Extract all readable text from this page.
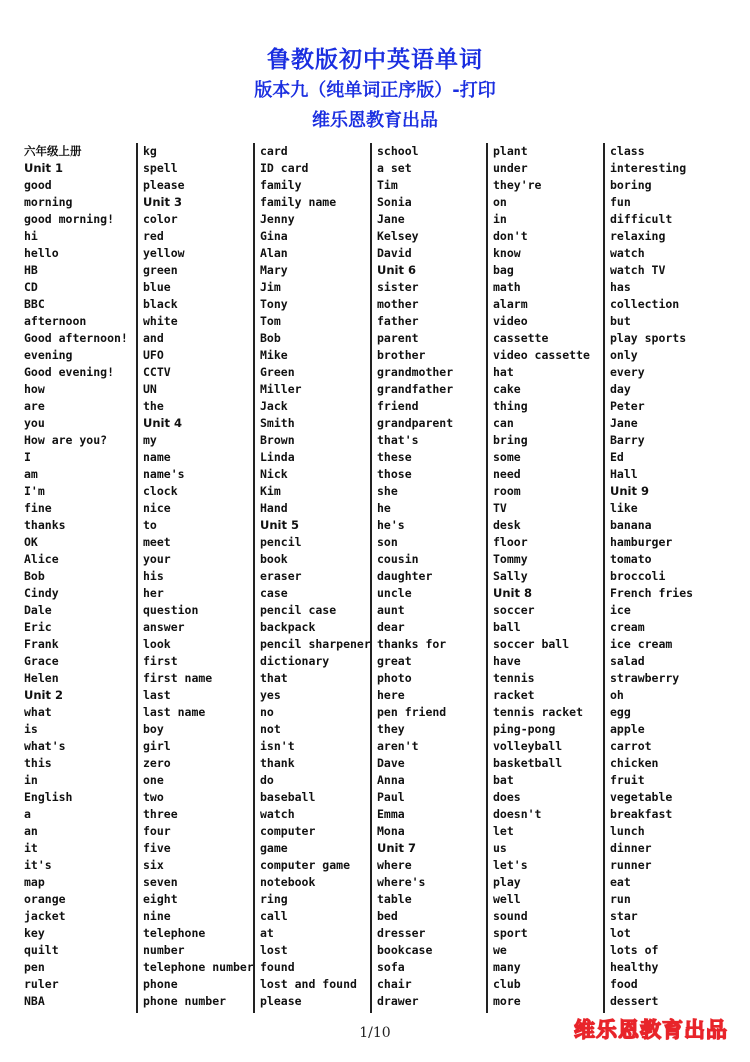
鲁教版初中英语单词
版本九（纯单词正序版）-打印
维乐恩教育出品
六年级上册
Unit 1
good
morning
good morning!
hi
hello
HB
CD
BBC
afternoon
Good afternoon!
evening
Good evening!
how
are
you
How are you?
I
am
I'm
fine
thanks
OK
Alice
Bob
Cindy
Dale
Eric
Frank
Grace
Helen
Unit 2
what
is
what's
this
in
English
a
an
it
it's
map
orange
jacket
key
quilt
pen
ruler
NBA
kg
spell
please
Unit 3
color
red
yellow
green
blue
black
white
and
UFO
CCTV
UN
the
Unit 4
my
name
name's
clock
nice
to
meet
your
his
her
question
answer
look
first
first name
last
last name
boy
girl
zero
one
two
three
four
five
six
seven
eight
nine
telephone
number
telephone number
phone
phone number
card
ID card
family
family name
Jenny
Gina
Alan
Mary
Jim
Tony
Tom
Bob
Mike
Green
Miller
Jack
Smith
Brown
Linda
Nick
Kim
Hand
Unit 5
pencil
book
eraser
case
pencil case
backpack
pencil sharpener
dictionary
that
yes
no
not
isn't
thank
do
baseball
watch
computer
game
computer game
notebook
ring
call
at
lost
found
lost and found
please
school
a set
Tim
Sonia
Jane
Kelsey
David
Unit 6
sister
mother
father
parent
brother
grandmother
grandfather
friend
grandparent
that's
these
those
she
he
he's
son
cousin
daughter
uncle
aunt
dear
thanks for
great
photo
here
pen friend
they
aren't
Dave
Anna
Paul
Emma
Mona
Unit 7
where
where's
table
bed
dresser
bookcase
sofa
chair
drawer
plant
under
they're
on
in
don't
know
bag
math
alarm
video
cassette
video cassette
hat
cake
thing
can
bring
some
need
room
TV
desk
floor
Tommy
Sally
Unit 8
soccer
ball
soccer ball
have
tennis
racket
tennis racket
ping-pong
volleyball
basketball
bat
does
doesn't
let
us
let's
play
well
sound
sport
we
many
club
more
class
interesting
boring
fun
difficult
relaxing
watch
watch TV
has
collection
but
play sports
only
every
day
Peter
Jane
Barry
Ed
Hall
Unit 9
like
banana
hamburger
tomato
broccoli
French fries
ice
cream
ice cream
salad
strawberry
oh
egg
apple
carrot
chicken
fruit
vegetable
breakfast
lunch
dinner
runner
eat
run
star
lot
lots of
healthy
food
dessert
1/10	维乐恩教育出品
